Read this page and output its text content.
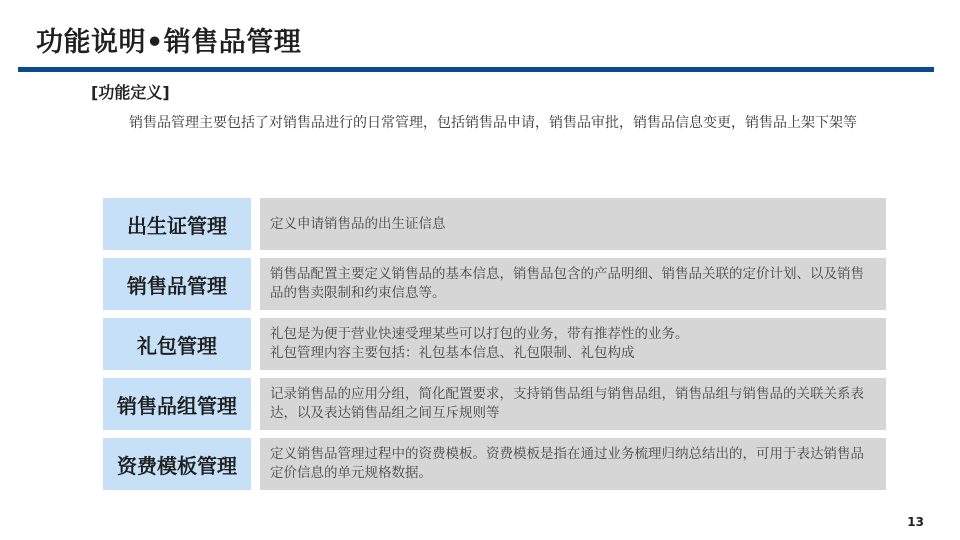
功能说明•销售品管理
[功能定义]
销售品管理主要包括了对销售品进行的日常管理，包括销售品申请，销售品审批，销售品信息变更，销售品上架下架等
出生证管理	定义申请销售品的出生证信息
销售品管理	销售品配置主要定义销售品的基本信息，销售品包含的产品明细、销售品关联的定价计划、以及销售品的售卖限制和约束信息等。
礼包管理	礼包是为便于营业快速受理某些可以打包的业务，带有推荐性的业务。
礼包管理内容主要包括：礼包基本信息、礼包限制、礼包构成
销售品组管理	记录销售品的应用分组，简化配置要求，支持销售品组与销售品组，销售品组与销售品的关联关系表达，以及表达销售品组之间互斥规则等
资费模板管理	定义销售品管理过程中的资费模板。资费模板是指在通过业务梳理归纳总结出的，可用于表达销售品定价信息的单元规格数据。
13
